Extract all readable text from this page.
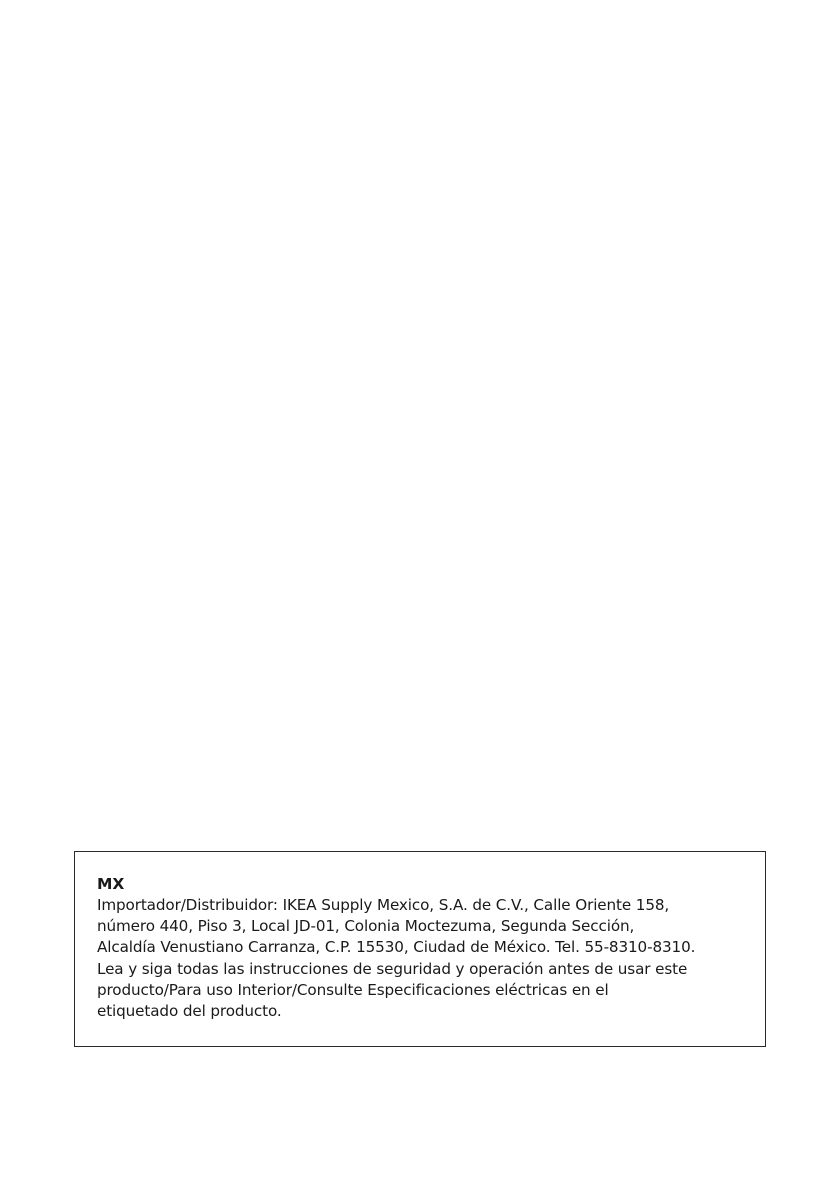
MX
Importador/Distribuidor: IKEA Supply Mexico, S.A. de C.V., Calle Oriente 158,
número 440, Piso 3, Local JD-01, Colonia Moctezuma, Segunda Sección,
Alcaldía Venustiano Carranza, C.P. 15530, Ciudad de México. Tel. 55-8310-8310.
Lea y siga todas las instrucciones de seguridad y operación antes de usar este
producto/Para uso Interior/Consulte Especificaciones eléctricas en el
etiquetado del producto.
